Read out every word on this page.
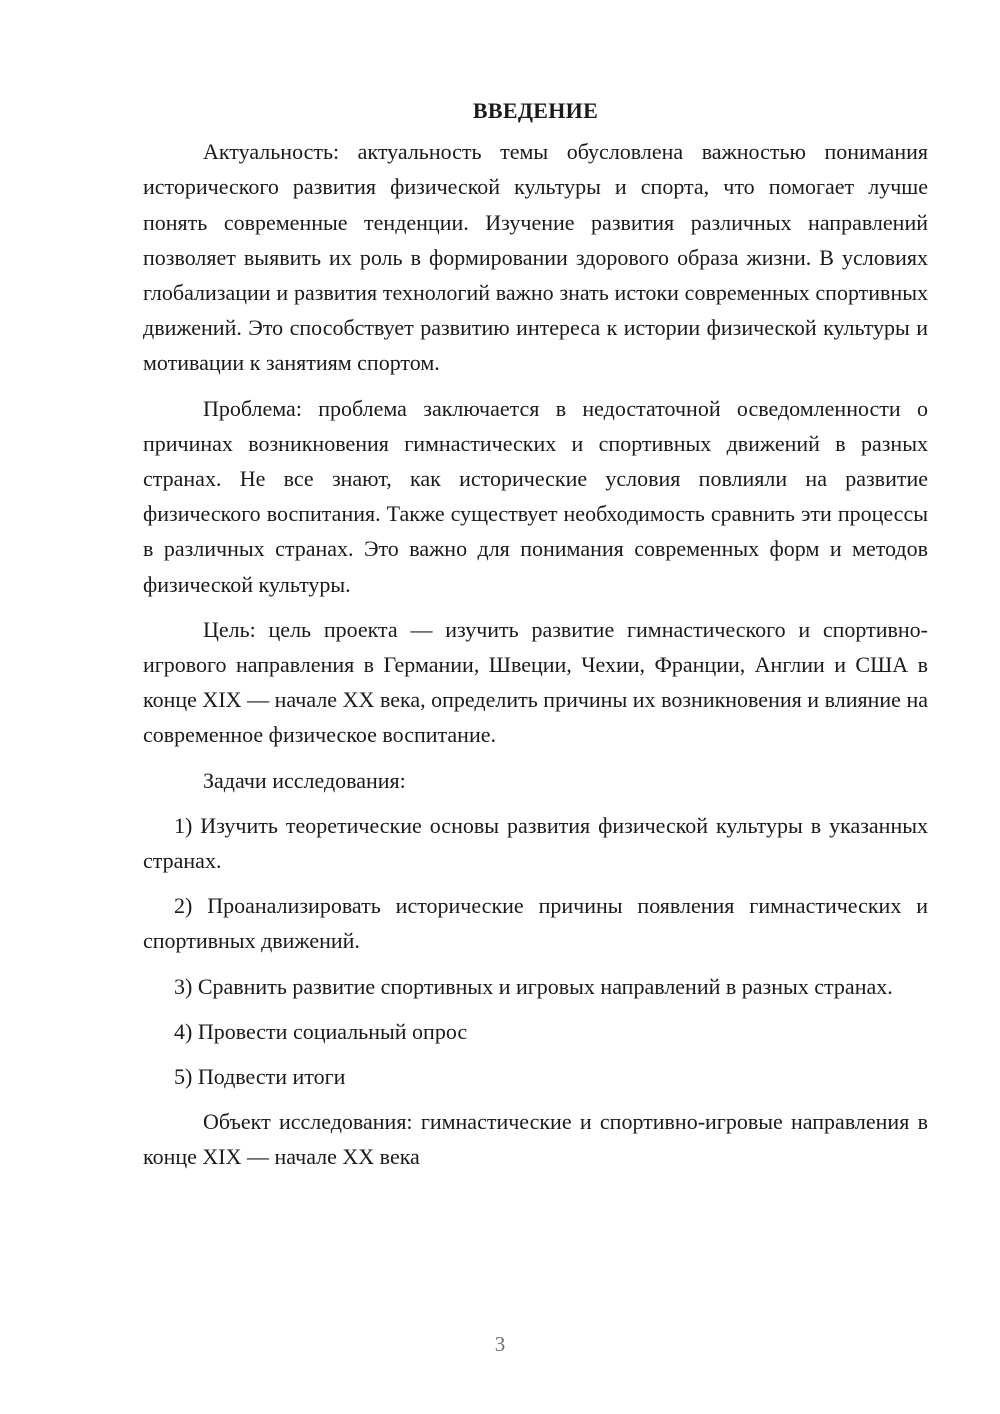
ВВЕДЕНИЕ

Актуальность: актуальность темы обусловлена важностью понимания исторического развития физической культуры и спорта, что помогает лучше понять современные тенденции. Изучение развития различных направлений позволяет выявить их роль в формировании здорового образа жизни. В условиях глобализации и развития технологий важно знать истоки современных спортивных движений. Это способствует развитию интереса к истории физической культуры и мотивации к занятиям спортом.

Проблема: проблема заключается в недостаточной осведомленности о причинах возникновения гимнастических и спортивных движений в разных странах. Не все знают, как исторические условия повлияли на развитие физического воспитания. Также существует необходимость сравнить эти процессы в различных странах. Это важно для понимания современных форм и методов физической культуры.

Цель: цель проекта — изучить развитие гимнастического и спортивно-игрового направления в Германии, Швеции, Чехии, Франции, Англии и США в конце XIX — начале XX века, определить причины их возникновения и влияние на современное физическое воспитание.

Задачи исследования:

1) Изучить теоретические основы развития физической культуры в указанных странах.
2) Проанализировать исторические причины появления гимнастических и спортивных движений.
3) Сравнить развитие спортивных и игровых направлений в разных странах.
4) Провести социальный опрос
5) Подвести итоги

Объект исследования: гимнастические и спортивно-игровые направления в конце XIX — начале XX века

3
